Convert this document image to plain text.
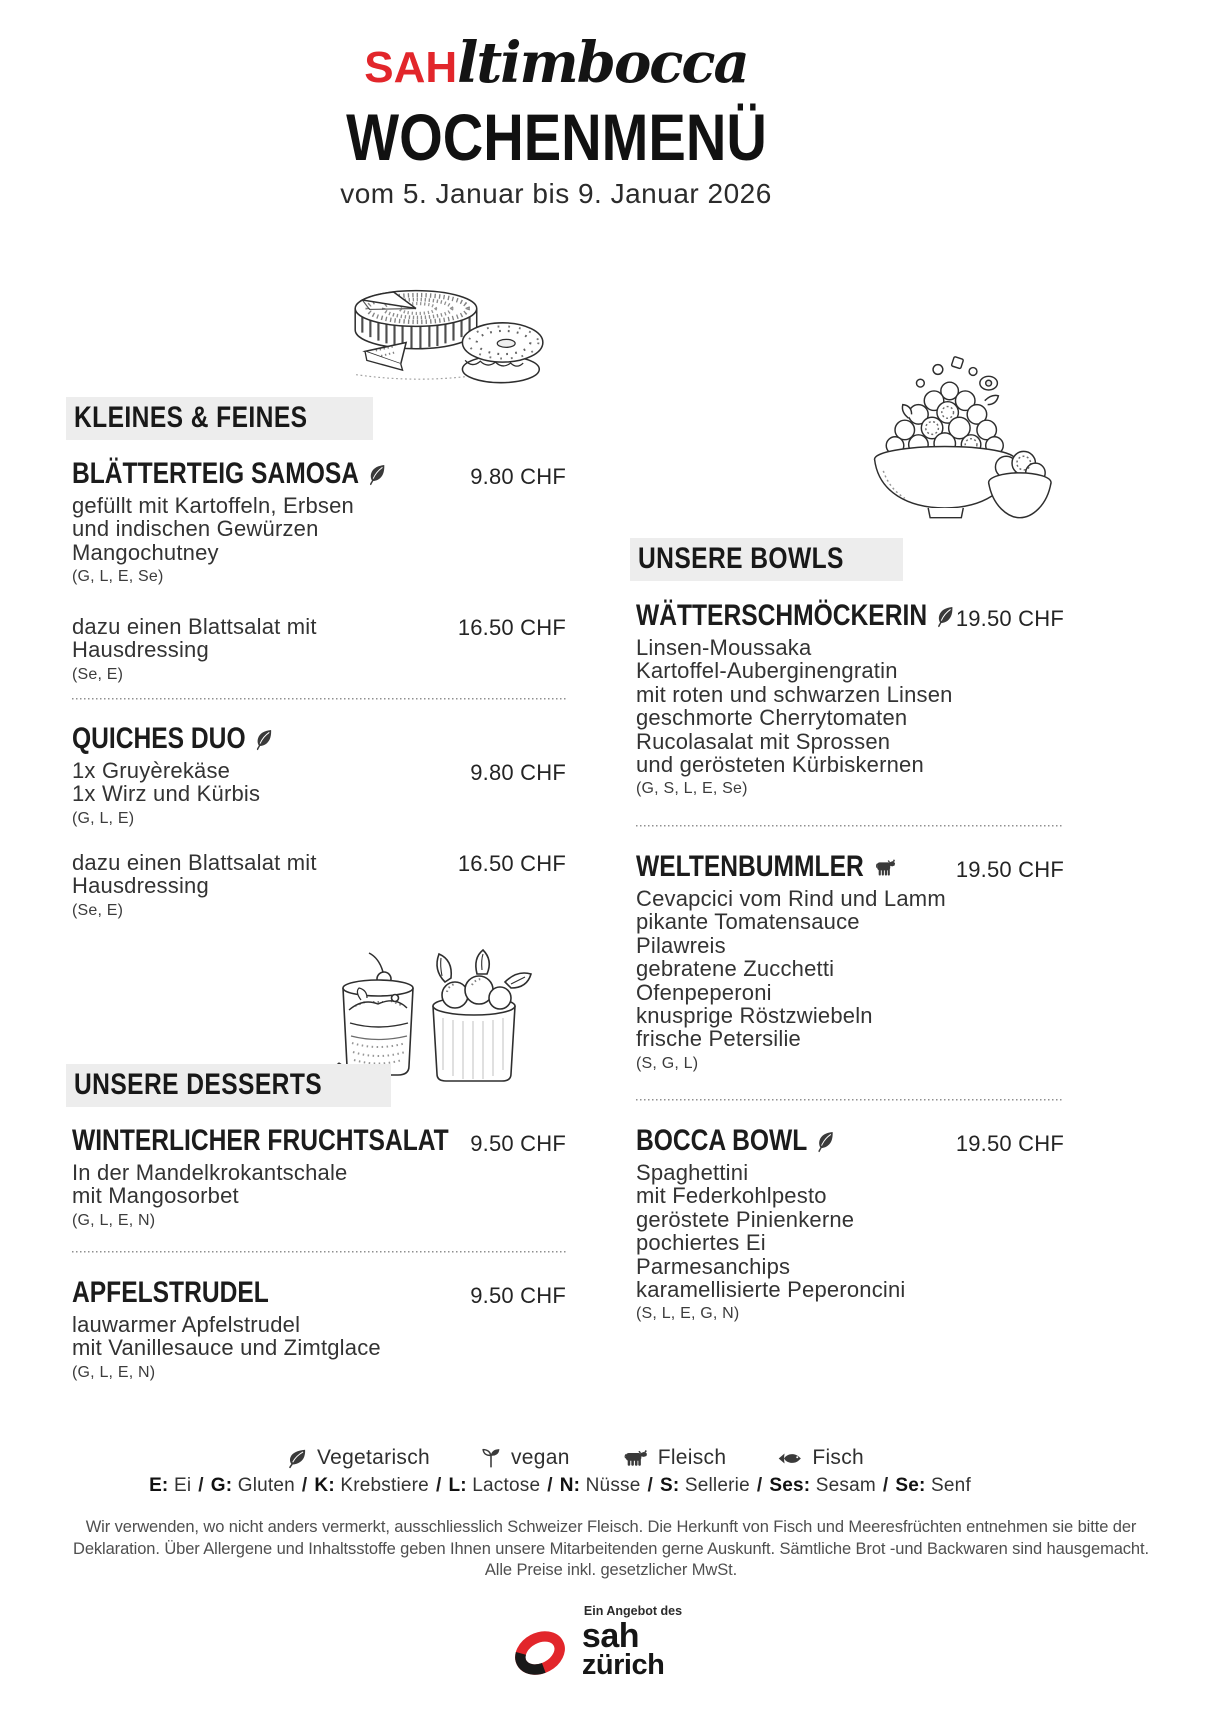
SAH ltimbocca
WOCHENMENÜ
vom 5. Januar bis 9. Januar 2026
KLEINES & FEINES
BLÄTTERTEIG SAMOSA
gefüllt mit Kartoffeln, Erbsen
und indischen Gewürzen
Mangochutney
(G, L, E, Se)
9.80 CHF
dazu einen Blattsalat mit
Hausdressing
(Se, E)
16.50 CHF
QUICHES DUO
1x Gruyèrekäse
1x Wirz und Kürbis
(G, L, E)
9.80 CHF
dazu einen Blattsalat mit
Hausdressing
(Se, E)
16.50 CHF
UNSERE DESSERTS
WINTERLICHER FRUCHTSALAT
In der Mandelkrokantschale
mit Mangosorbet
(G, L, E, N)
9.50 CHF
APFELSTRUDEL
lauwarmer Apfelstrudel
mit Vanillesauce und Zimtglace
(G, L, E, N)
9.50 CHF
UNSERE BOWLS
WÄTTERSCHMÖCKERIN
Linsen-Moussaka
Kartoffel-Auberginengratin
mit roten und schwarzen Linsen
geschmorte Cherrytomaten
Rucolasalat mit Sprossen
und gerösteten Kürbiskernen
(G, S, L, E, Se)
19.50 CHF
WELTENBUMMLER
Cevapcici vom Rind und Lamm
pikante Tomatensauce
Pilawreis
gebratene Zucchetti
Ofenpeperoni
knusprige Röstzwiebeln
frische Petersilie
(S, G, L)
19.50 CHF
BOCCA BOWL
Spaghettini
mit Federkohlpesto
geröstete Pinienkerne
pochiertes Ei
Parmesanchips
karamellisierte Peperoncini
(S, L, E, G, N)
19.50 CHF
Vegetarisch	vegan	Fleisch	Fisch
E: Ei / G: Gluten / K: Krebstiere / L: Lactose / N: Nüsse / S: Sellerie / Ses: Sesam / Se: Senf
Wir verwenden, wo nicht anders vermerkt, ausschliesslich Schweizer Fleisch. Die Herkunft von Fisch und Meeresfrüchten entnehmen sie bitte der
Deklaration. Über Allergene und Inhaltsstoffe geben Ihnen unsere Mitarbeitenden gerne Auskunft. Sämtliche Brot -und Backwaren sind hausgemacht.
Alle Preise inkl. gesetzlicher MwSt.
Ein Angebot des
sah
zürich
